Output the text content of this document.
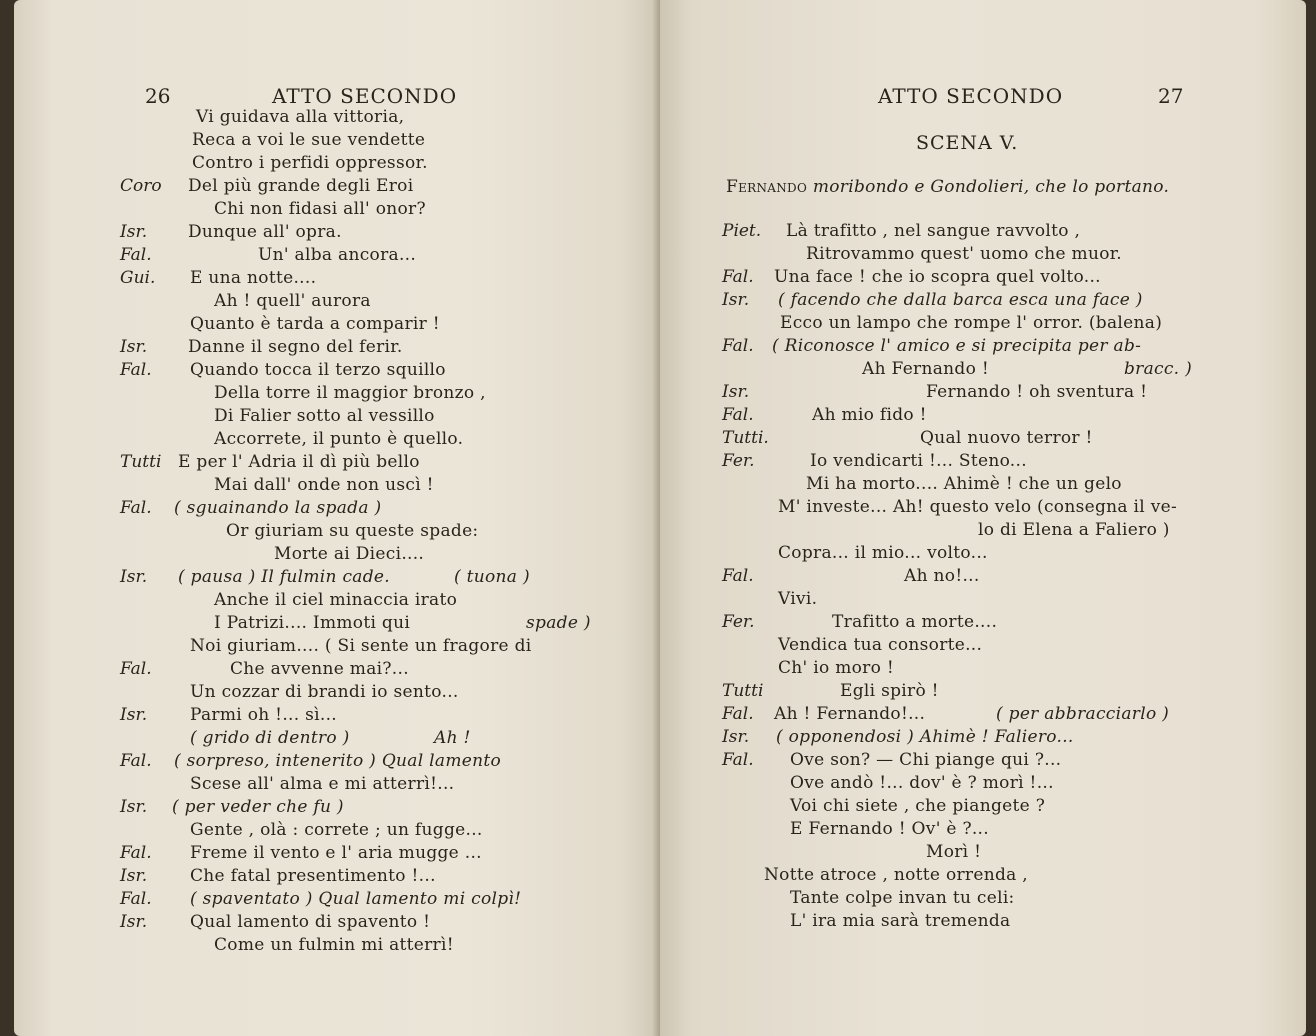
26	ATTO SECONDO
Vi guidava alla vittoria,
Reca a voi le sue vendette
Contro i perfidi oppressor.
Coro Del più grande degli Eroi
Chi non fidasi all' onor?
Isr. Dunque all' opra.
Fal.	Un' alba ancora...
Gui. E una notte....
Ah ! quell' aurora
Quanto è tarda a comparir !
Isr. Danne il segno del ferir.
Fal. Quando tocca il terzo squillo
Della torre il maggior bronzo ,
Di Falier sotto al vessillo
Accorrete, il punto è quello.
Tutti E per l' Adria il dì più bello
Mai dall' onde non uscì !
Fal. ( sguainando la spada )
Or giuriam su queste spade:
Morte ai Dieci....
Isr. ( pausa ) Il fulmin cade.	( tuona )
Anche il ciel minaccia irato
I Patrizi.... Immoti qui	spade )
Noi giuriam.... ( Si sente un fragore di
Fal.	Che avvenne mai?...
Un cozzar di brandi io sento...
Isr.	Parmi oh !... sì...
( grido di dentro )	Ah !
Fal. ( sorpreso, intenerito ) Qual lamento
Scese all' alma e mi atterrì!...
Isr. ( per veder che fu )
Gente , olà : correte ; un fugge...
Fal. Freme il vento e l' aria mugge ...
Isr.	Che fatal presentimento !...
Fal. ( spaventato ) Qual lamento mi colpì!
Isr.	Qual lamento di spavento !
Come un fulmin mi atterrì!
ATTO SECONDO	27
SCENA V.
Fernando moribondo e Gondolieri, che lo portano.
Piet. Là trafitto , nel sangue ravvolto ,
Ritrovammo quest' uomo che muor.
Fal. Una face ! che io scopra quel volto...
Isr. ( facendo che dalla barca esca una face )
Ecco un lampo che rompe l' orror. (balena)
Fal. ( Riconosce l' amico e si precipita per ab-
Ah Fernando !	bracc. )
Isr.	Fernando ! oh sventura !
Fal.	Ah mio fido !
Tutti.	Qual nuovo terror !
Fer.	Io vendicarti !... Steno...
Mi ha morto.... Ahimè ! che un gelo
M' investe... Ah! questo velo (consegna il ve-
lo di Elena a Faliero )
Copra... il mio... volto...
Fal.	Ah no!...
Vivi.
Fer.	Trafitto a morte....
Vendica tua consorte...
Ch' io moro !
Tutti	Egli spirò !
Fal. Ah ! Fernando!...	( per abbracciarlo )
Isr. ( opponendosi ) Ahimè ! Faliero...
Fal. Ove son? — Chi piange qui ?...
Ove andò !... dov' è ? morì !...
Voi chi siete , che piangete ?
E Fernando ! Ov' è ?...
Morì !
Notte atroce , notte orrenda ,
Tante colpe invan tu celi:
L' ira mia sarà tremenda
